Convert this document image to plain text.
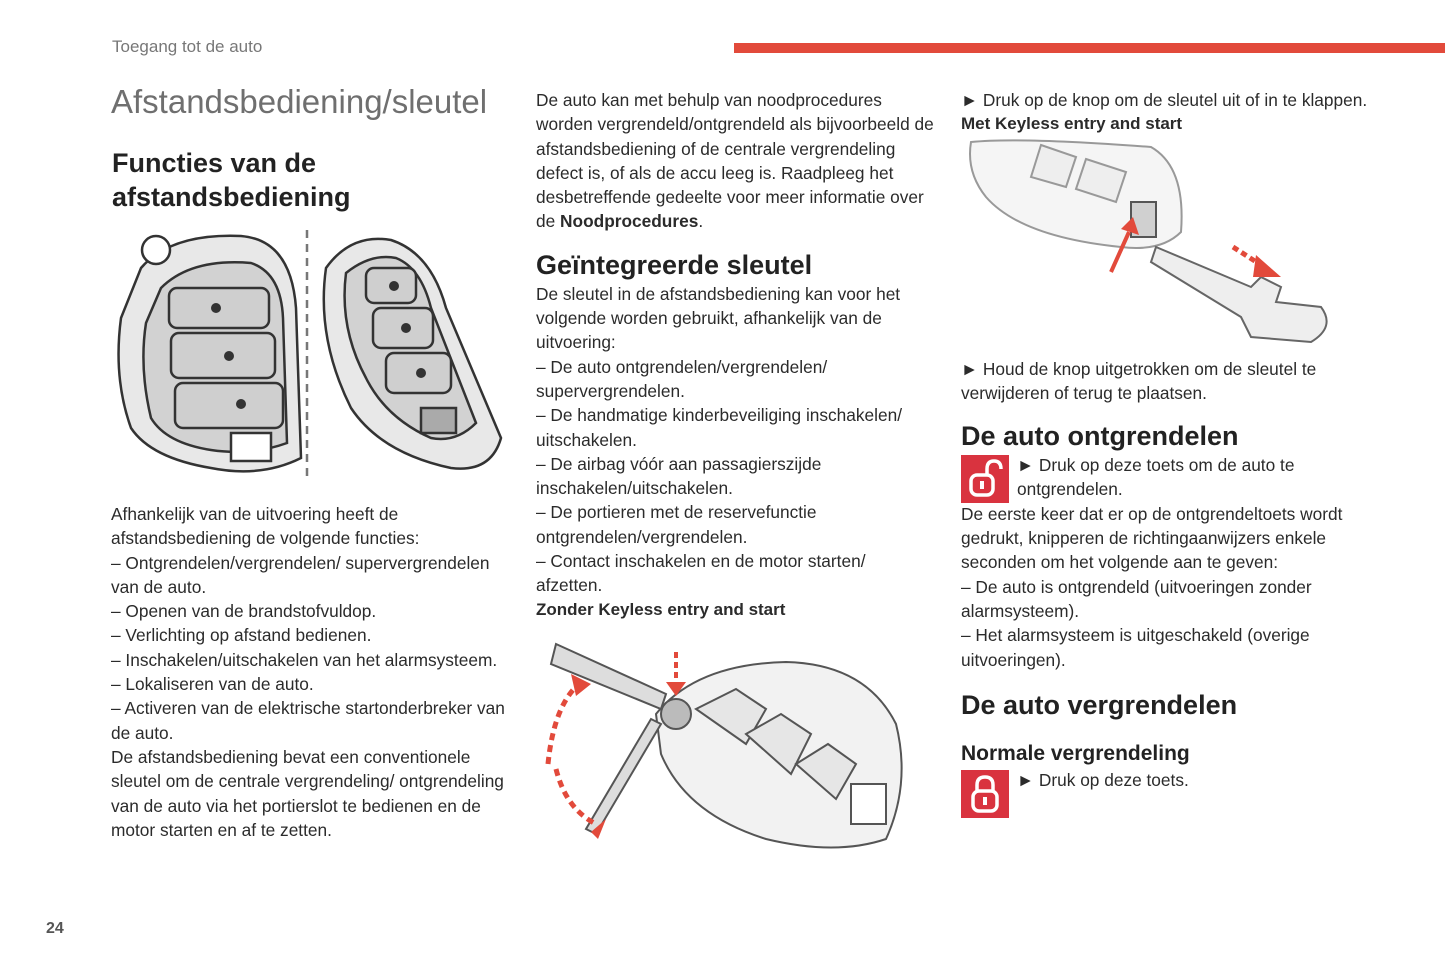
Toegang tot de auto
24
Afstandsbediening/sleutel
Functies van de afstandsbediening

Afhankelijk van de uitvoering heeft de afstandsbediening de volgende functies:

– Ontgrendelen/vergrendelen/ supervergrendelen van de auto.

– Openen van de brandstofvuldop.

– Verlichting op afstand bedienen.

– Inschakelen/uitschakelen van het alarmsysteem.

– Lokaliseren van de auto.

– Activeren van de elektrische startonderbreker van de auto.

De afstandsbediening bevat een conventionele sleutel om de centrale vergrendeling/ ontgrendeling van de auto via het portierslot te bedienen en de motor starten en af te zetten.

De auto kan met behulp van noodprocedures worden vergrendeld/ontgrendeld als bijvoorbeeld de afstandsbediening of de centrale vergrendeling defect is, of als de accu leeg is. Raadpleeg het desbetreffende gedeelte voor meer informatie over de Noodprocedures.

Geïntegreerde sleutel

De sleutel in de afstandsbediening kan voor het volgende worden gebruikt, afhankelijk van de uitvoering:

– De auto ontgrendelen/vergrendelen/ supervergrendelen.

– De handmatige kinderbeveiliging inschakelen/ uitschakelen.

– De airbag vóór aan passagierszijde inschakelen/uitschakelen.

– De portieren met de reservefunctie ontgrendelen/vergrendelen.

– Contact inschakelen en de motor starten/ afzetten.

Zonder Keyless entry and start

► Druk op de knop om de sleutel uit of in te klappen.

Met Keyless entry and start

► Houd de knop uitgetrokken om de sleutel te verwijderen of terug te plaatsen.

De auto ontgrendelen

► Druk op deze toets om de auto te ontgrendelen.

De eerste keer dat er op de ontgrendeltoets wordt gedrukt, knipperen de richtingaanwijzers enkele seconden om het volgende aan te geven:

– De auto is ontgrendeld (uitvoeringen zonder alarmsysteem).

– Het alarmsysteem is uitgeschakeld (overige uitvoeringen).

De auto vergrendelen
Normale vergrendeling

► Druk op deze toets.
